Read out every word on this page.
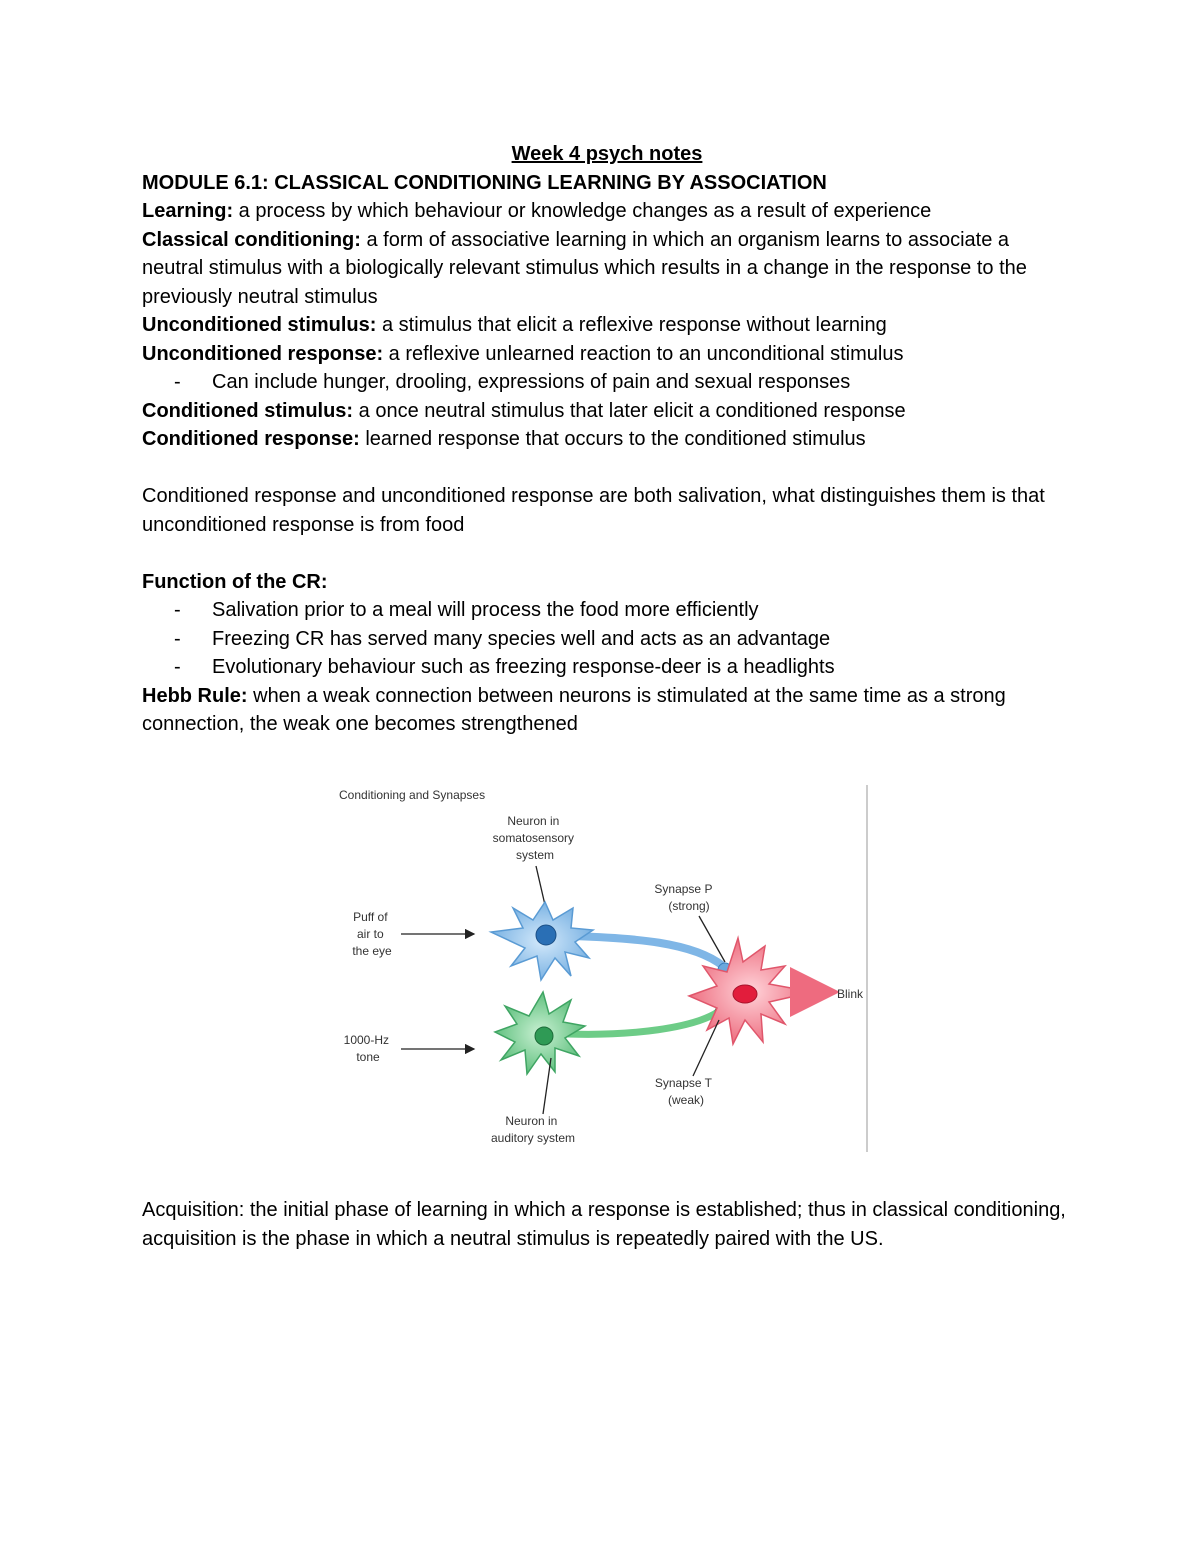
Week 4 psych notes

MODULE 6.1: CLASSICAL CONDITIONING LEARNING BY ASSOCIATION

Learning: a process by which behaviour or knowledge changes as a result of experience

Classical conditioning: a form of associative learning in which an organism learns to associate a neutral stimulus with a biologically relevant stimulus which results in a change in the response to the previously neutral stimulus

Unconditioned stimulus: a stimulus that elicit a reflexive response without learning

Unconditioned response: a reflexive unlearned reaction to an unconditional stimulus

- Can include hunger, drooling, expressions of pain and sexual responses

Conditioned stimulus: a once neutral stimulus that later elicit a conditioned response

Conditioned response: learned response that occurs to the conditioned stimulus

Conditioned response and unconditioned response are both salivation, what distinguishes them is that unconditioned response is from food

Function of the CR:

- Salivation prior to a meal will process the food more efficiently
- Freezing CR has served many species well and acts as an advantage
- Evolutionary behaviour such as freezing response-deer is a headlights

Hebb Rule: when a weak connection between neurons is stimulated at the same time as a strong connection, the weak one becomes strengthened

Conditioning and Synapses
Neuron in somatosensory system
Synapse P (strong)
Puff of air to the eye
1000-Hz tone
Blink
Synapse T (weak)
Neuron in auditory system

Acquisition: the initial phase of learning in which a response is established; thus in classical conditioning, acquisition is the phase in which a neutral stimulus is repeatedly paired with the US.
